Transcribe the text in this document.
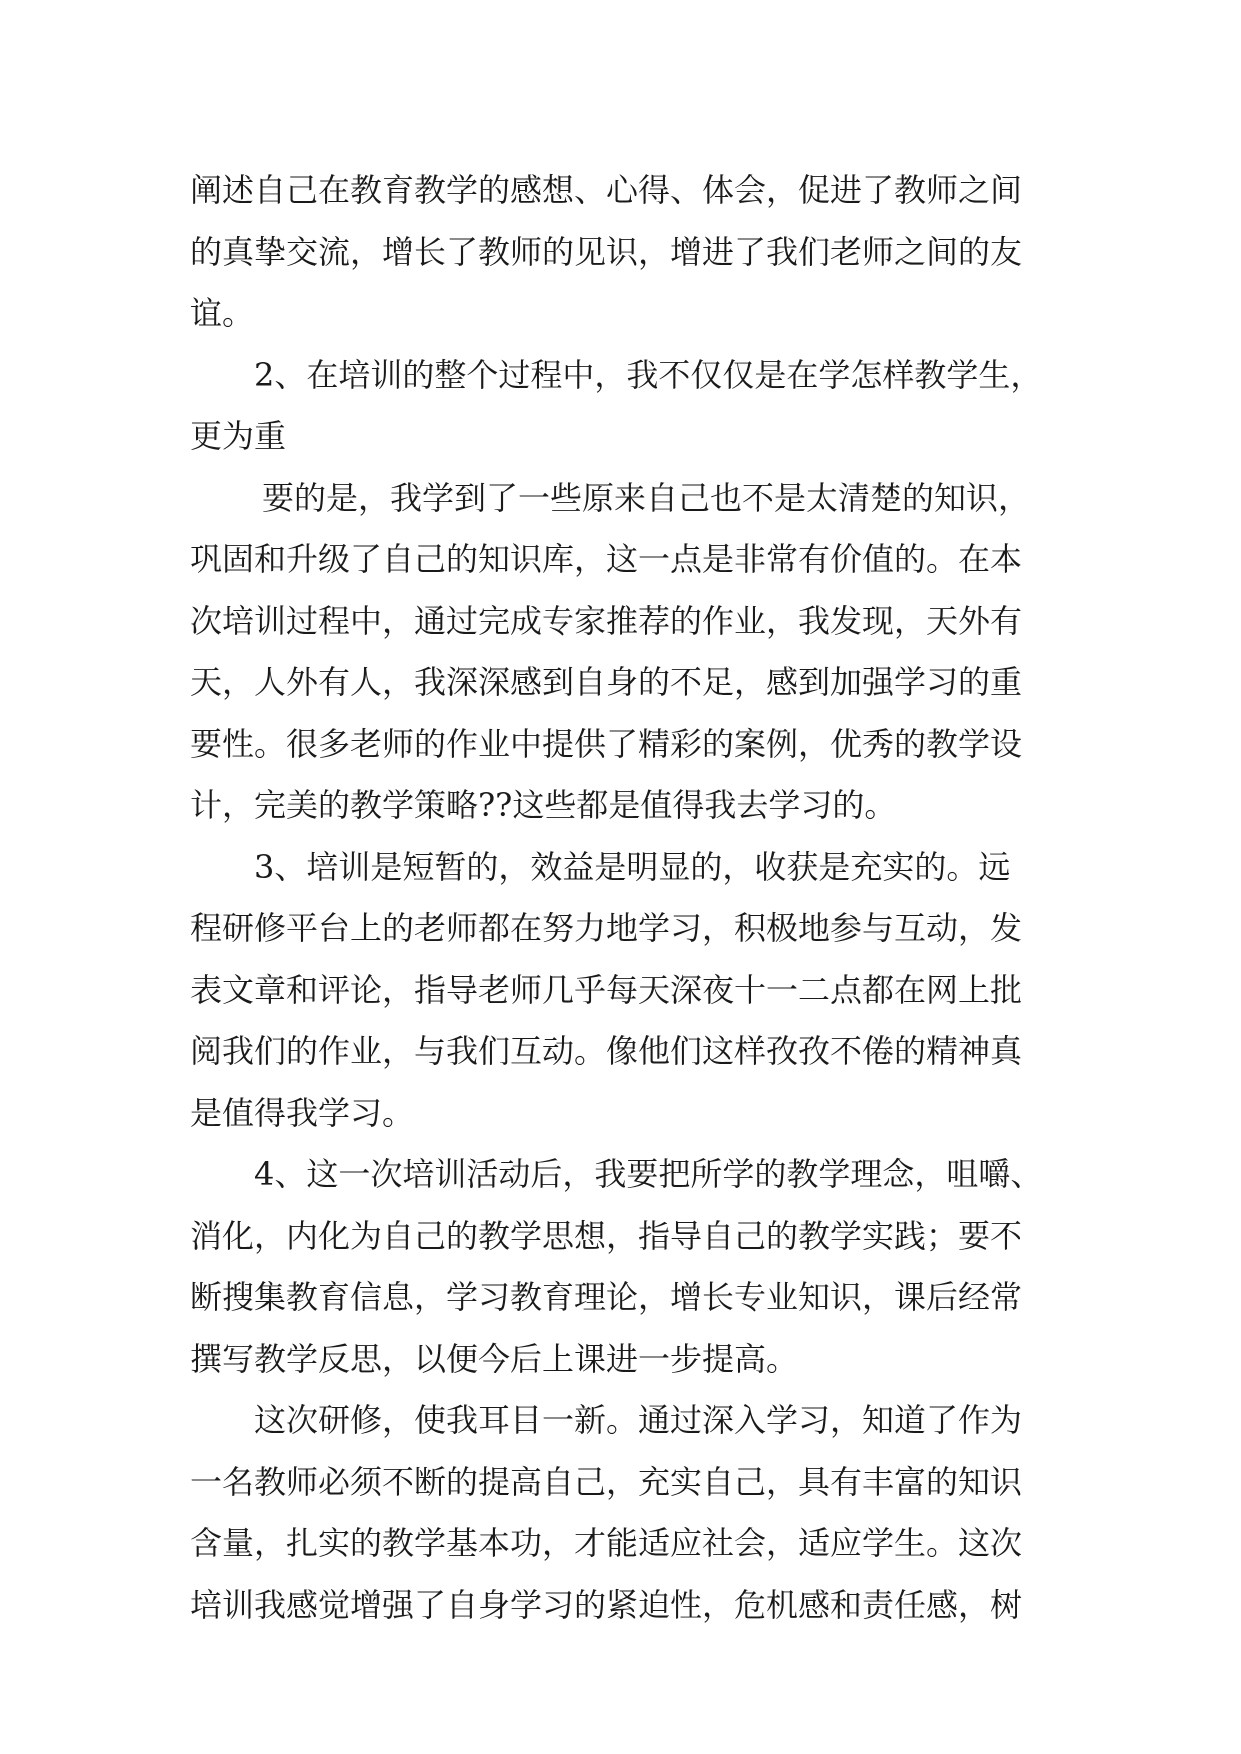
阐述自己在教育教学的感想、心得、体会，促进了教师之间
的真挚交流，增长了教师的见识，增进了我们老师之间的友
谊。
2、在培训的整个过程中，我不仅仅是在学怎样教学生，
更为重
要的是，我学到了一些原来自己也不是太清楚的知识，
巩固和升级了自己的知识库，这一点是非常有价值的。在本
次培训过程中，通过完成专家推荐的作业，我发现，天外有
天，人外有人，我深深感到自身的不足，感到加强学习的重
要性。很多老师的作业中提供了精彩的案例，优秀的教学设
计，完美的教学策略??这些都是值得我去学习的。
3、培训是短暂的，效益是明显的，收获是充实的。远
程研修平台上的老师都在努力地学习，积极地参与互动，发
表文章和评论，指导老师几乎每天深夜十一二点都在网上批
阅我们的作业，与我们互动。像他们这样孜孜不倦的精神真
是值得我学习。
4、这一次培训活动后，我要把所学的教学理念，咀嚼、
消化，内化为自己的教学思想，指导自己的教学实践；要不
断搜集教育信息，学习教育理论，增长专业知识，课后经常
撰写教学反思，以便今后上课进一步提高。
这次研修，使我耳目一新。通过深入学习，知道了作为
一名教师必须不断的提高自己，充实自己，具有丰富的知识
含量，扎实的教学基本功，才能适应社会，适应学生。这次
培训我感觉增强了自身学习的紧迫性，危机感和责任感，树
